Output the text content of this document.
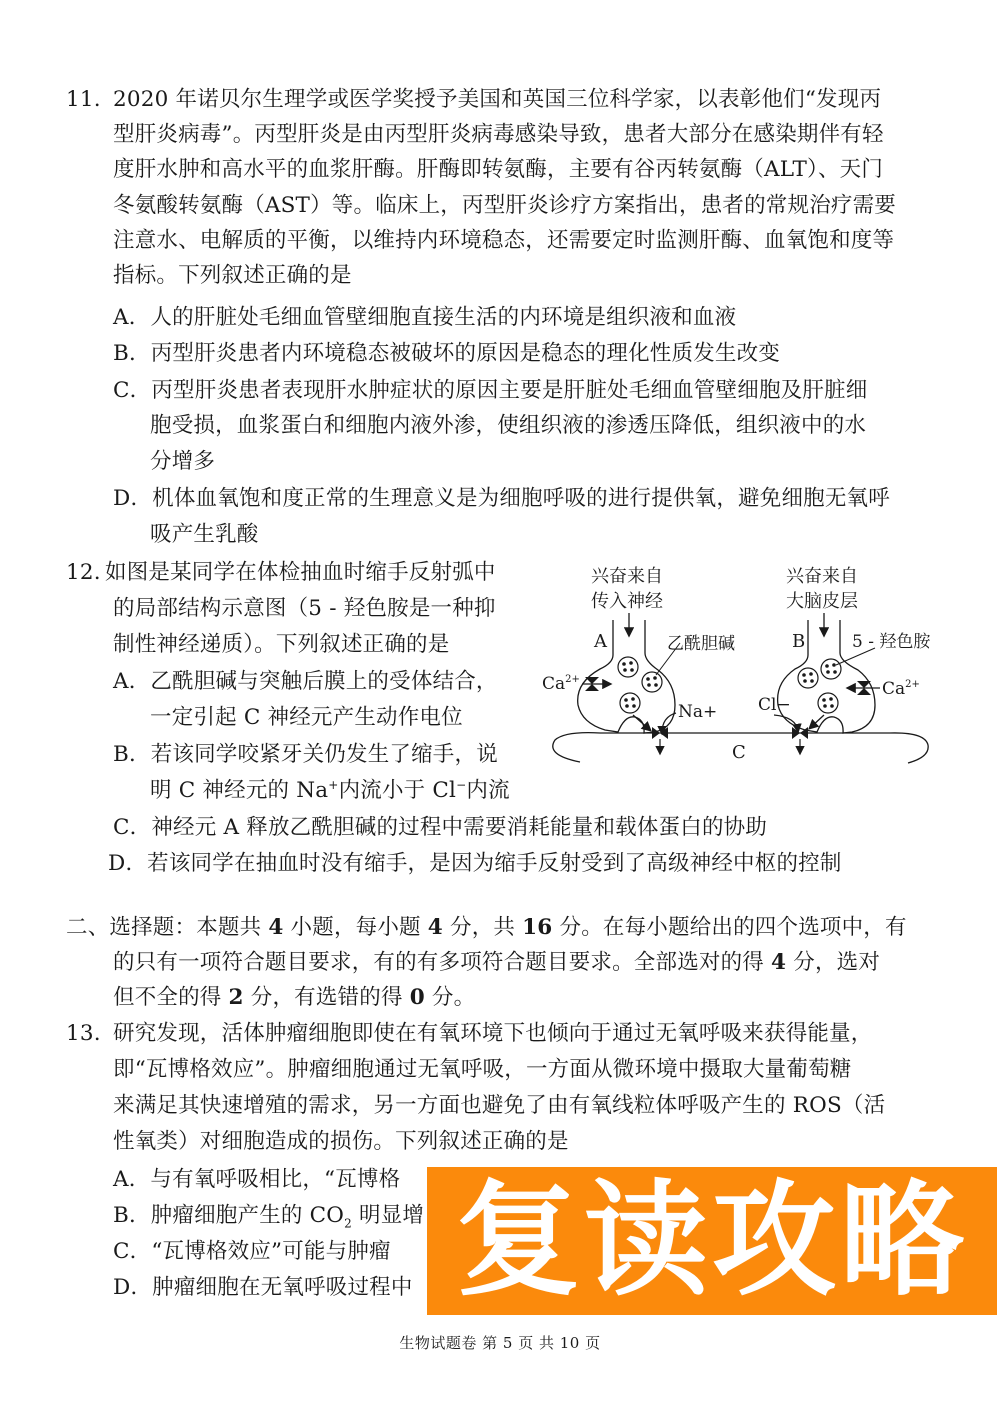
11. 2020 年诺贝尔生理学或医学奖授予美国和英国三位科学家，以表彰他们“发现丙
型肝炎病毒”。丙型肝炎是由丙型肝炎病毒感染导致，患者大部分在感染期伴有轻
度肝水肿和高水平的血浆肝酶。肝酶即转氨酶，主要有谷丙转氨酶（ALT）、天门
冬氨酸转氨酶（AST）等。临床上，丙型肝炎诊疗方案指出，患者的常规治疗需要
注意水、电解质的平衡，以维持内环境稳态，还需要定时监测肝酶、血氧饱和度等
指标。下列叙述正确的是
A．人的肝脏处毛细血管壁细胞直接生活的内环境是组织液和血液
B．丙型肝炎患者内环境稳态被破坏的原因是稳态的理化性质发生改变
C．丙型肝炎患者表现肝水肿症状的原因主要是肝脏处毛细血管壁细胞及肝脏细
胞受损，血浆蛋白和细胞内液外渗，使组织液的渗透压降低，组织液中的水
分增多
D．机体血氧饱和度正常的生理意义是为细胞呼吸的进行提供氧，避免细胞无氧呼
吸产生乳酸
12. 如图是某同学在体检抽血时缩手反射弧中
的局部结构示意图（5 - 羟色胺是一种抑
制性神经递质）。下列叙述正确的是
A．乙酰胆碱与突触后膜上的受体结合，
一定引起 C 神经元产生动作电位
B．若该同学咬紧牙关仍发生了缩手，说
明 C 神经元的 Na+内流小于 Cl−内流
C．神经元 A 释放乙酰胆碱的过程中需要消耗能量和载体蛋白的协助
D．若该同学在抽血时没有缩手，是因为缩手反射受到了高级神经中枢的控制
兴奋来自
传入神经
兴奋来自
大脑皮层
A	乙酰胆碱
$Ca^{2+}$
B	5 - 羟色胺
$Ca^{2+}$
Na+ Cl−
C
二、选择题：本题共 4 小题，每小题 4 分，共 16 分。在每小题给出的四个选项中，有
的只有一项符合题目要求，有的有多项符合题目要求。全部选对的得 4 分，选对
但不全的得 2 分，有选错的得 0 分。
13. 研究发现，活体肿瘤细胞即使在有氧环境下也倾向于通过无氧呼吸来获得能量，
即“瓦博格效应”。肿瘤细胞通过无氧呼吸，一方面从微环境中摄取大量葡萄糖
来满足其快速增殖的需求，另一方面也避免了由有氧线粒体呼吸产生的 ROS（活
性氧类）对细胞造成的损伤。下列叙述正确的是
A．与有氧呼吸相比，“瓦博格
B．肿瘤细胞产生的 $CO_2$ 明显增
C．“瓦博格效应”可能与肿瘤
D．肿瘤细胞在无氧呼吸过程中 复读攻略
生物试题卷 第 5 页 共 10 页
